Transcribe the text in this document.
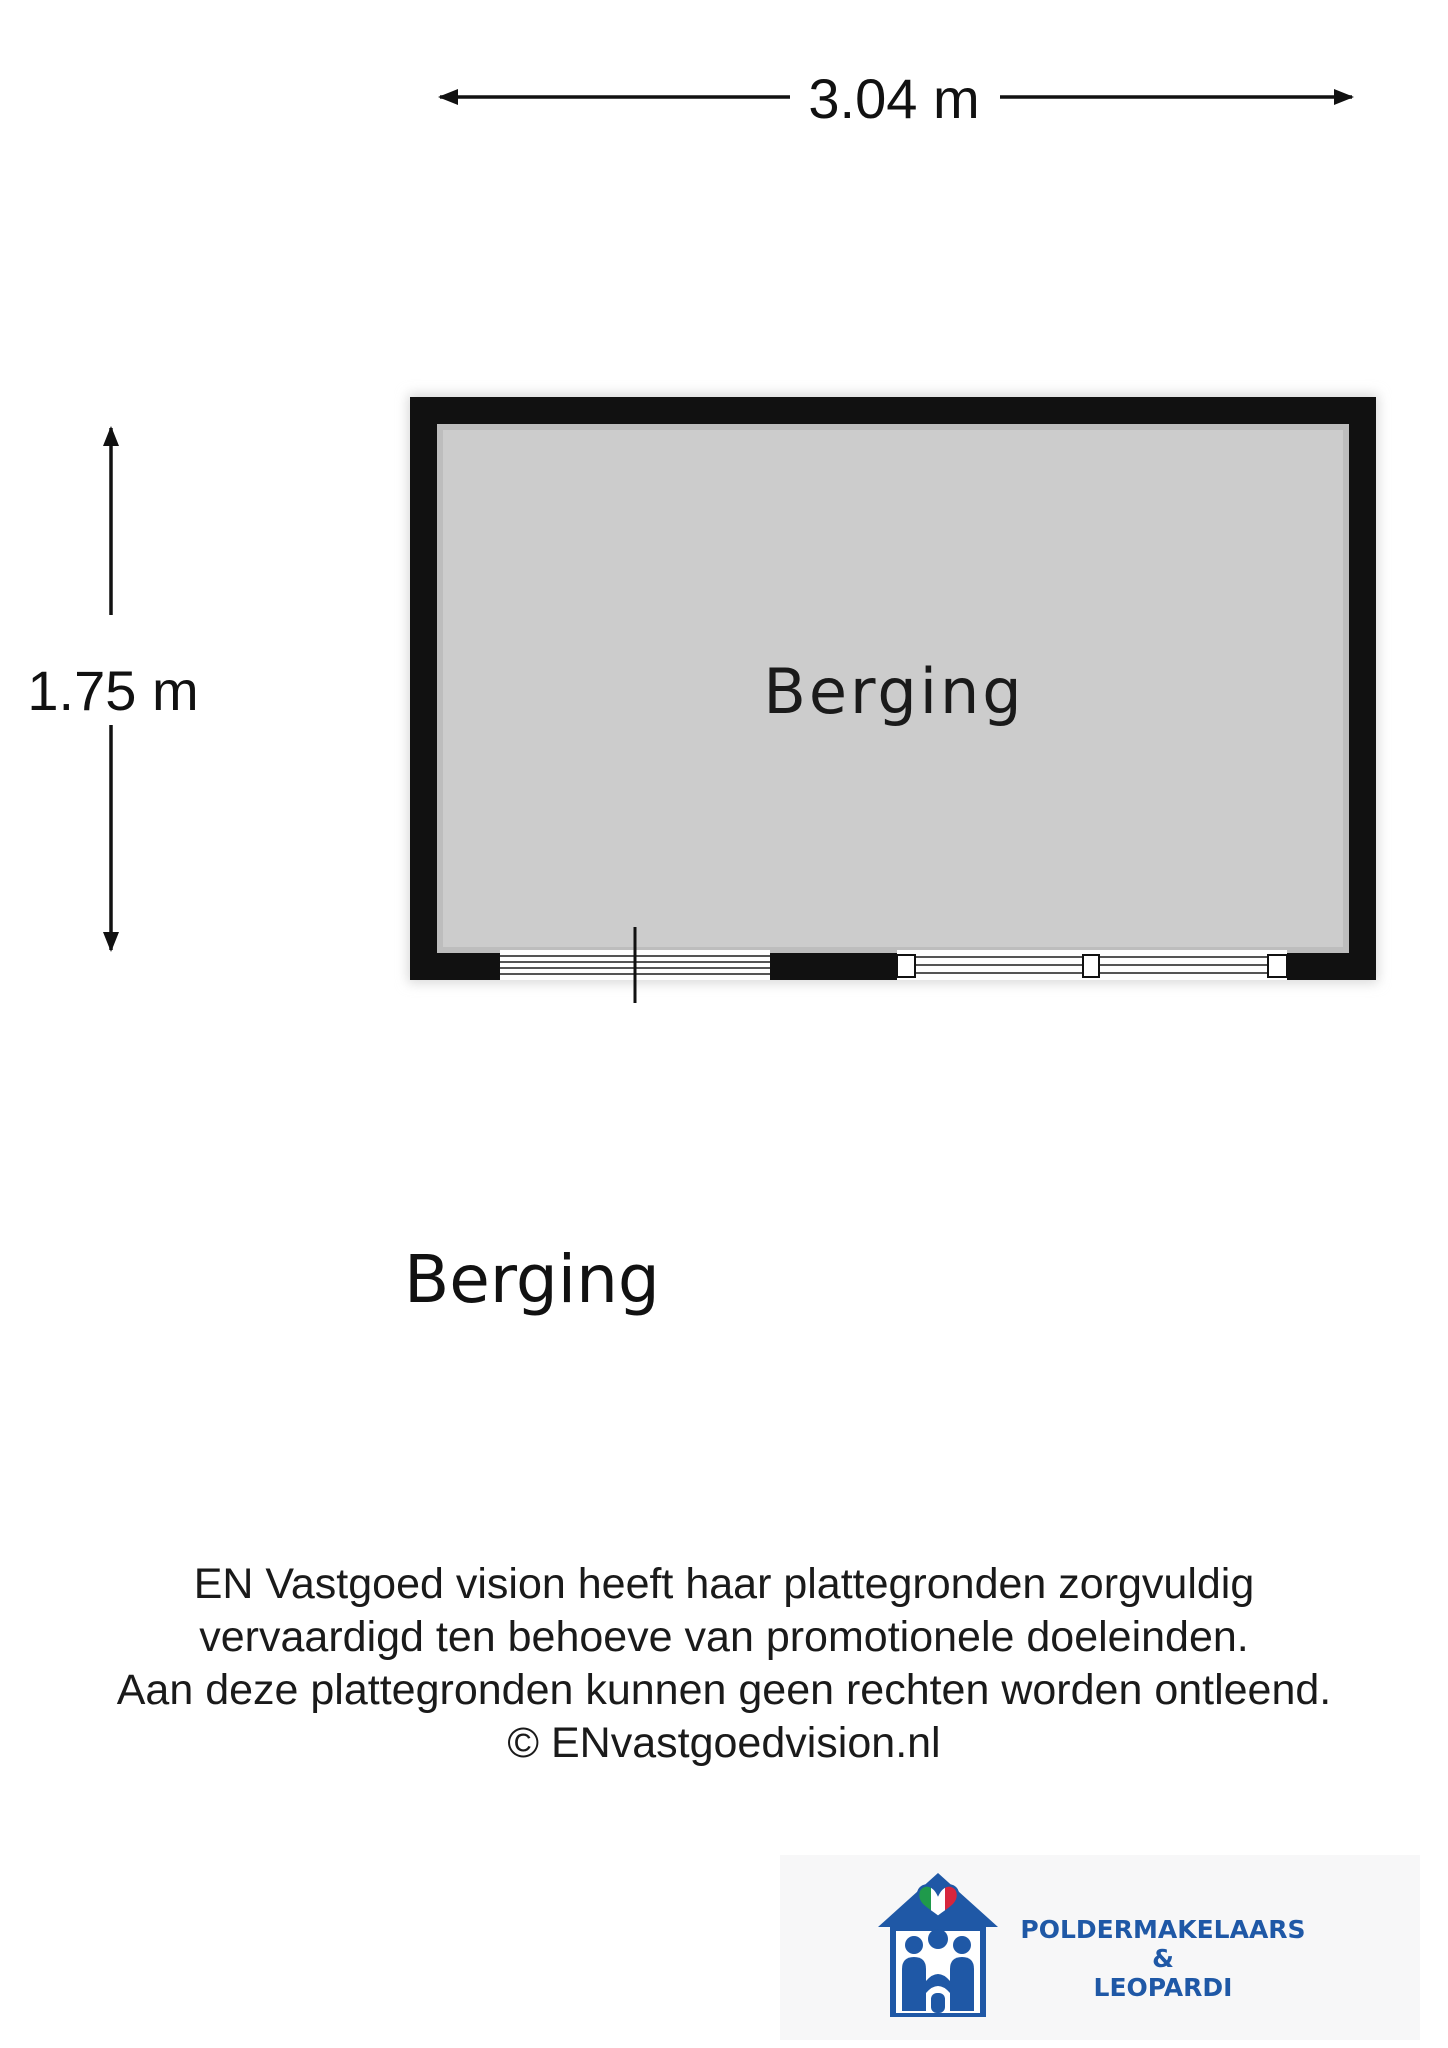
3.04 m
1.75 m	Berging
Berging
EN Vastgoed vision heeft haar plattegronden zorgvuldig
vervaardigd ten behoeve van promotionele doeleinden.
Aan deze plattegronden kunnen geen rechten worden ontleend.
© ENvastgoedvision.nl
POLDERMAKELAARS
&
LEOPARDI
